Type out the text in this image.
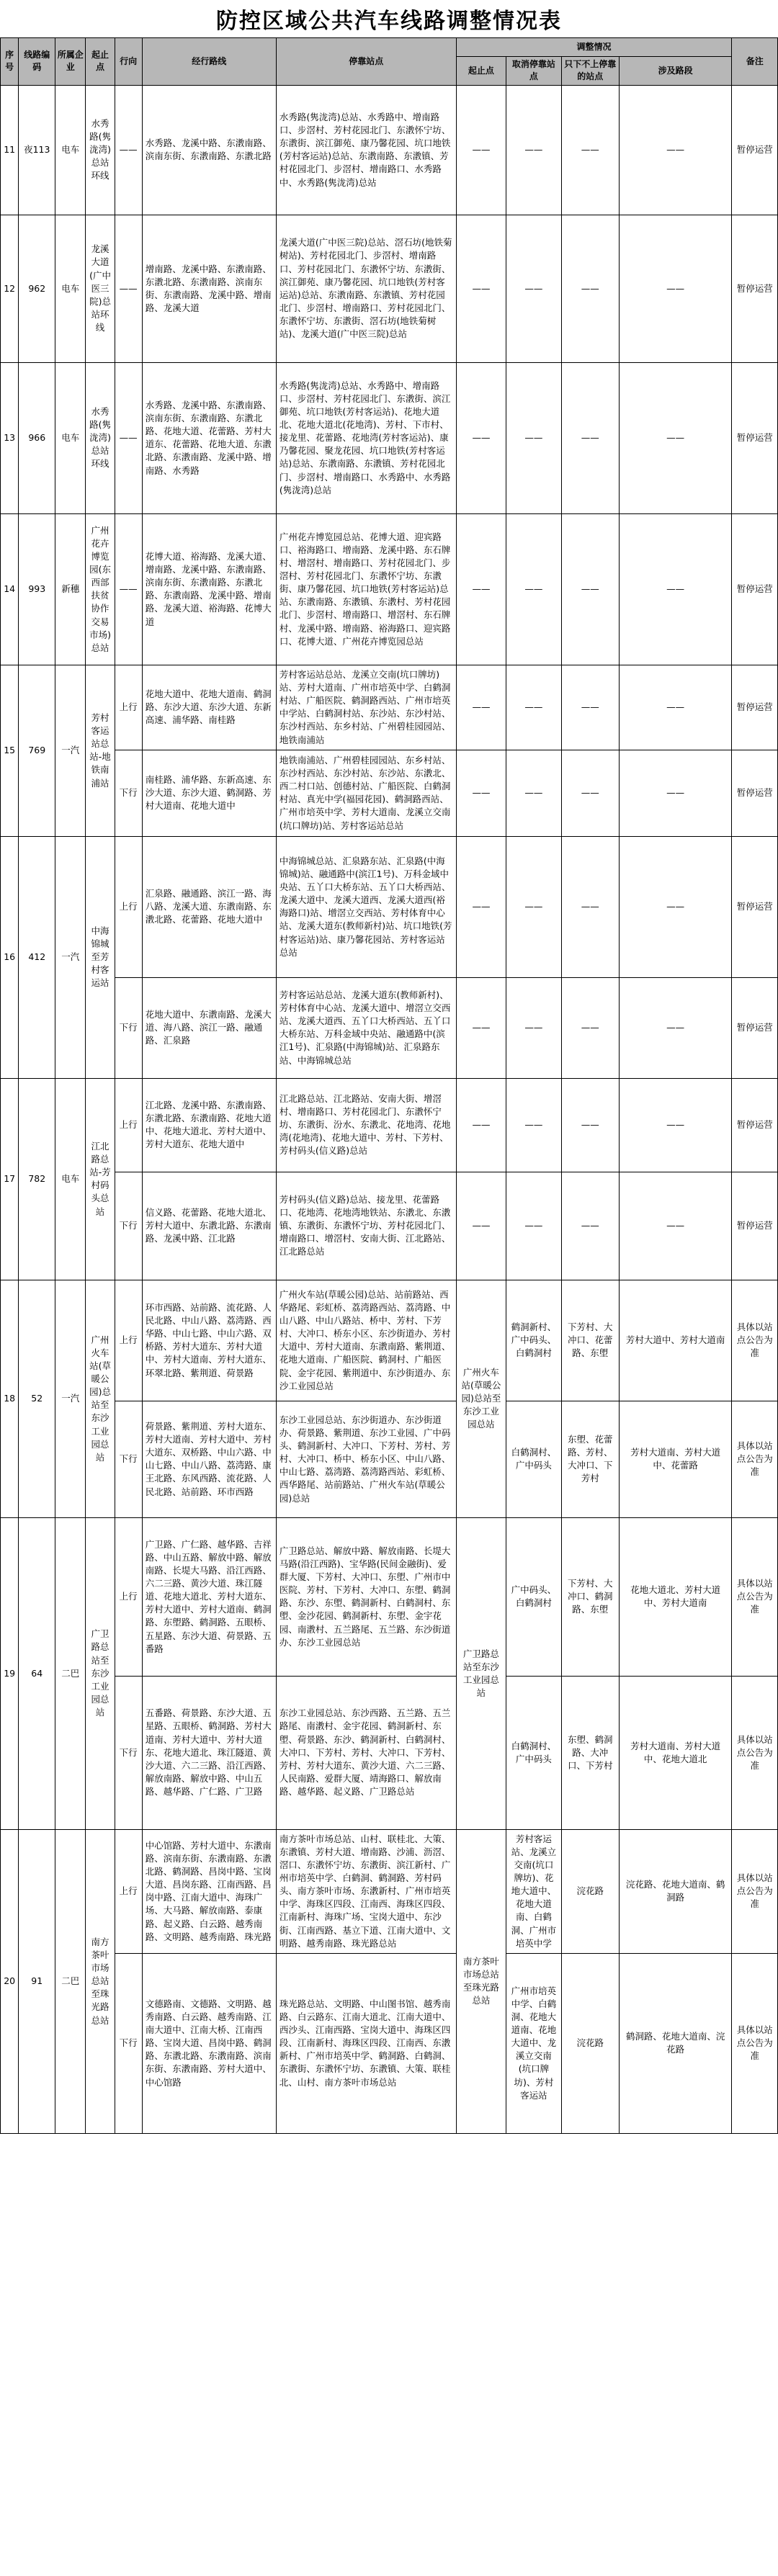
防控区域公共汽车线路调整情况表
序号	线路编码	所属企业	起止点	行向	经行路线	停靠站点	调整情况				备注
							起止点	取消停靠站点	只下不上停靠的站点	涉及路段	
11	夜113	电车	水秀路(隽泷湾)总站环线	——	水秀路、龙溪中路、东漖南路、滨南东街、东漖南路、东漖北路	水秀路(隽泷湾)总站、水秀路中、增南路口、步滘村、芳村花园北门、东漖怀宁坊、东漖街、滨江御苑、康乃馨花园、坑口地铁(芳村客运站)总站、东漖南路、东漖镇、芳村花园北门、步滘村、增南路口、水秀路中、水秀路(隽泷湾)总站	——	——	——	——	暂停运营
12	962	电车	龙溪大道(广中医三院)总站环线	——	增南路、龙溪中路、东漖南路、东漖北路、东漖南路、滨南东街、东漖南路、龙溪中路、增南路、龙溪大道	龙溪大道(广中医三院)总站、滘石坊(地铁菊树站)、芳村花园北门、步滘村、增南路口、芳村花园北门、东漖怀宁坊、东漖街、滨江御苑、康乃馨花园、坑口地铁(芳村客运站)总站、东漖南路、东漖镇、芳村花园北门、步滘村、增南路口、芳村花园北门、东漖怀宁坊、东漖街、滘石坊(地铁菊树站)、龙溪大道(广中医三院)总站	——	——	——	——	暂停运营
13	966	电车	水秀路(隽泷湾)总站环线	——	水秀路、龙溪中路、东漖南路、滨南东街、东漖南路、东漖北路、花地大道、花蕾路、芳村大道东、花蕾路、花地大道、东漖北路、东漖南路、龙溪中路、增南路、水秀路	水秀路(隽泷湾)总站、水秀路中、增南路口、步滘村、芳村花园北门、东漖街、滨江御苑、坑口地铁(芳村客运站)、花地大道北、花地大道北(花地湾)、芳村、下市村、接龙里、花蕾路、花地湾(芳村客运站)、康乃馨花园、聚龙花园、坑口地铁(芳村客运站)总站、东漖南路、东漖镇、芳村花园北门、步滘村、增南路口、水秀路中、水秀路(隽泷湾)总站	——	——	——	——	暂停运营
14	993	新穗	广州花卉博览园(东西部扶贫协作交易市场)总站	——	花博大道、裕海路、龙溪大道、增南路、龙溪中路、东漖南路、滨南东街、东漖南路、东漖北路、东漖南路、龙溪中路、增南路、龙溪大道、裕海路、花博大道	广州花卉博览园总站、花博大道、迎宾路口、裕海路口、增南路、龙溪中路、东石牌村、增滘村、增南路口、芳村花园北门、步滘村、芳村花园北门、东漖怀宁坊、东漖街、康乃馨花园、坑口地铁(芳村客运站)总站、东漖南路、东漖镇、东漖村、芳村花园北门、步滘村、增南路口、增滘村、东石牌村、龙溪中路、增南路、裕海路口、迎宾路口、花博大道、广州花卉博览园总站	——	——	——	——	暂停运营
15	769	一汽	芳村客运站总站-地铁南浦站	上行	花地大道中、花地大道南、鹤洞路、东沙大道、东沙大道、东新高速、浦华路、南桂路	芳村客运站总站、龙溪立交南(坑口牌坊)站、芳村大道南、广州市培英中学、白鹤洞村站、广船医院、鹤洞路西站、广州市培英中学站、白鹤洞村站、东沙站、东沙村站、东沙村西站、东乡村站、广州碧桂园园站、地铁南浦站	——	——	——	——	暂停运营
				下行	南桂路、浦华路、东新高速、东沙大道、东沙大道、鹤洞路、芳村大道南、花地大道中	地铁南浦站、广州碧桂园园站、东乡村站、东沙村西站、东沙村站、东沙站、东漖北、西二村口站、创德村站、广船医院、白鹤洞村站、真光中学(福园花园)、鹤洞路西站、广州市培英中学、芳村大道南、龙溪立交南(坑口牌坊)站、芳村客运站总站	——	——	——	——	暂停运营
16	412	一汽	中海锦城至芳村客运站	上行	汇泉路、融通路、滨江一路、海八路、龙溪大道、东漖南路、东漖北路、花蕾路、花地大道中	中海锦城总站、汇泉路东站、汇泉路(中海锦城)站、融通路中(滨江1号)、万科金域中央站、五丫口大桥东站、五丫口大桥西站、龙溪大道中、龙溪大道西、龙溪大道西(裕海路口)站、增滘立交西站、芳村体育中心站、龙溪大道东(教师新村)站、坑口地铁(芳村客运站)站、康乃馨花园站、芳村客运站总站	——	——	——	——	暂停运营
				下行	花地大道中、东漖南路、龙溪大道、海八路、滨江一路、融通路、汇泉路	芳村客运站总站、龙溪大道东(教师新村)、芳村体育中心站、龙溪大道中、增滘立交西站、龙溪大道西、五丫口大桥西站、五丫口大桥东站、万科金域中央站、融通路中(滨江1号)、汇泉路(中海锦城)站、汇泉路东站、中海锦城总站	——	——	——	——	暂停运营
17	782	电车	江北路总站-芳村码头总站	上行	江北路、龙溪中路、东漖南路、东漖北路、东漖南路、花地大道中、花地大道北、芳村大道中、芳村大道东、花地大道中	江北路总站、江北路站、安南大街、增滘村、增南路口、芳村花园北门、东漖怀宁坊、东漖街、汾水、东漖北、花地湾、花地湾(花地湾)、花地大道中、芳村、下芳村、芳村码头(信义路)总站	——	——	——	——	暂停运营
				下行	信义路、花蕾路、花地大道北、芳村大道中、东漖北路、东漖南路、龙溪中路、江北路	芳村码头(信义路)总站、接龙里、花蕾路口、花地湾、花地湾地铁站、东漖北、东漖镇、东漖街、东漖怀宁坊、芳村花园北门、增南路口、增滘村、安南大街、江北路站、江北路总站	——	——	——	——	暂停运营
18	52	一汽	广州火车站(草暖公园)总站至东沙工业园总站	上行	环市西路、站前路、流花路、人民北路、中山八路、荔湾路、西华路、中山七路、中山六路、双桥路、芳村大道东、芳村大道中、芳村大道南、芳村大道东、环翠北路、紫荆道、荷景路	广州火车站(草暖公园)总站、站前路站、西华路尾、彩虹桥、荔湾路西站、荔湾路、中山八路、中山八路站、桥中、芳村、下芳村、大冲口、桥东小区、东沙街道办、芳村大道中、芳村大道南、东漖南路、紫荆道、花地大道南、广船医院、鹤洞村、广船医院、金宇花园、紫荆道中、东沙街道办、东沙工业园总站	广州火车站(草暖公园)总站至东沙工业园总站	鹤洞新村、广中码头、白鹤洞村	下芳村、大冲口、花蕾路、东塱	芳村大道中、芳村大道南	具体以站点公告为准
				下行	荷景路、紫荆道、芳村大道东、芳村大道南、芳村大道中、芳村大道东、双桥路、中山六路、中山七路、中山八路、荔湾路、康王北路、东风西路、流花路、人民北路、站前路、环市西路	东沙工业园总站、东沙街道办、东沙街道办、荷景路、紫荆道、东沙工业园、广中码头、鹤洞新村、大冲口、下芳村、芳村、芳村、大冲口、桥中、桥东小区、中山八路、中山七路、荔湾路、荔湾路西站、彩虹桥、西华路尾、站前路站、广州火车站(草暖公园)总站		白鹤洞村、广中码头	东塱、花蕾路、芳村、大冲口、下芳村	芳村大道南、芳村大道中、花蕾路	具体以站点公告为准
19	64	二巴	广卫路总站至东沙工业园总站	上行	广卫路、广仁路、越华路、吉祥路、中山五路、解放中路、解放南路、长堤大马路、沿江西路、六二三路、黄沙大道、珠江隧道、花地大道北、芳村大道东、芳村大道中、芳村大道南、鹤洞路、东塱路、鹤洞路、五眼桥、五星路、东沙大道、荷景路、五番路	广卫路总站、解放中路、解放南路、长堤大马路(沿江西路)、宝华路(民间金融街)、爱群大厦、下芳村、大冲口、东塱、广州市中医院、芳村、下芳村、大冲口、东塱、鹤洞路、东沙、东塱、鹤洞新村、白鹤洞村、东塱、金沙花园、鹤洞新村、东塱、金宇花园、南漖村、五兰路尾、五兰路、东沙街道办、东沙工业园总站	广卫路总站至东沙工业园总站	广中码头、白鹤洞村	下芳村、大冲口、鹤洞路、东塱	花地大道北、芳村大道中、芳村大道南	具体以站点公告为准
				下行	五番路、荷景路、东沙大道、五星路、五眼桥、鹤洞路、芳村大道南、芳村大道中、芳村大道东、花地大道北、珠江隧道、黄沙大道、六二三路、沿江西路、解放南路、解放中路、中山五路、越华路、广仁路、广卫路	东沙工业园总站、东沙西路、五兰路、五兰路尾、南漖村、金宇花园、鹤洞新村、东塱、荷景路、东沙、鹤洞新村、白鹤洞村、大冲口、下芳村、芳村、大冲口、下芳村、芳村、芳村大道东、黄沙大道、六二三路、人民南路、爱群大厦、靖海路口、解放南路、越华路、起义路、广卫路总站		白鹤洞村、广中码头	东塱、鹤洞路、大冲口、下芳村	芳村大道南、芳村大道中、花地大道北	具体以站点公告为准
20	91	二巴	南方茶叶市场总站至珠光路总站	上行	中心馆路、芳村大道中、东漖南路、滨南东街、东漖南路、东漖北路、鹤洞路、昌岗中路、宝岗大道、昌岗东路、江南西路、昌岗中路、江南大道中、海珠广场、大马路、解放南路、泰康路、起义路、白云路、越秀南路、文明路、越秀南路、珠光路	南方茶叶市场总站、山村、联桂北、大策、东漖镇、芳村大道、增南路、沙浦、沥滘、滘口、东漖怀宁坊、东漖街、滨江新村、广州市培英中学、白鹤洞、鹤洞路、芳村码头、南方茶叶市场、东漖新村、广州市培英中学、海珠区四段、江南西、海珠区四段、江南新村、海珠广场、宝岗大道中、东沙街、江南西路、基立下道、江南大道中、文明路、越秀南路、珠光路总站	南方茶叶市场总站至珠光路总站	芳村客运站、龙溪立交南(坑口牌坊)、花地大道中、花地大道南、白鹤洞、广州市培英中学	浣花路	浣花路、花地大道南、鹤洞路	具体以站点公告为准
				下行	文德路南、文德路、文明路、越秀南路、白云路、越秀南路、江南大道中、江南大桥、江南西路、宝岗大道、昌岗中路、鹤洞路、东漖北路、东漖南路、滨南东街、东漖南路、芳村大道中、中心馆路	珠光路总站、文明路、中山图书馆、越秀南路、白云路东、江南大道北、江南大道中、西沙头、江南西路、宝岗大道中、海珠区四段、江南新村、海珠区四段、江南西、东漖新村、广州市培英中学、鹤洞路、白鹤洞、东漖街、东漖怀宁坊、东漖镇、大策、联桂北、山村、南方茶叶市场总站		广州市培英中学、白鹤洞、花地大道南、花地大道中、龙溪立交南(坑口牌坊)、芳村客运站	浣花路	鹤洞路、花地大道南、浣花路	具体以站点公告为准
